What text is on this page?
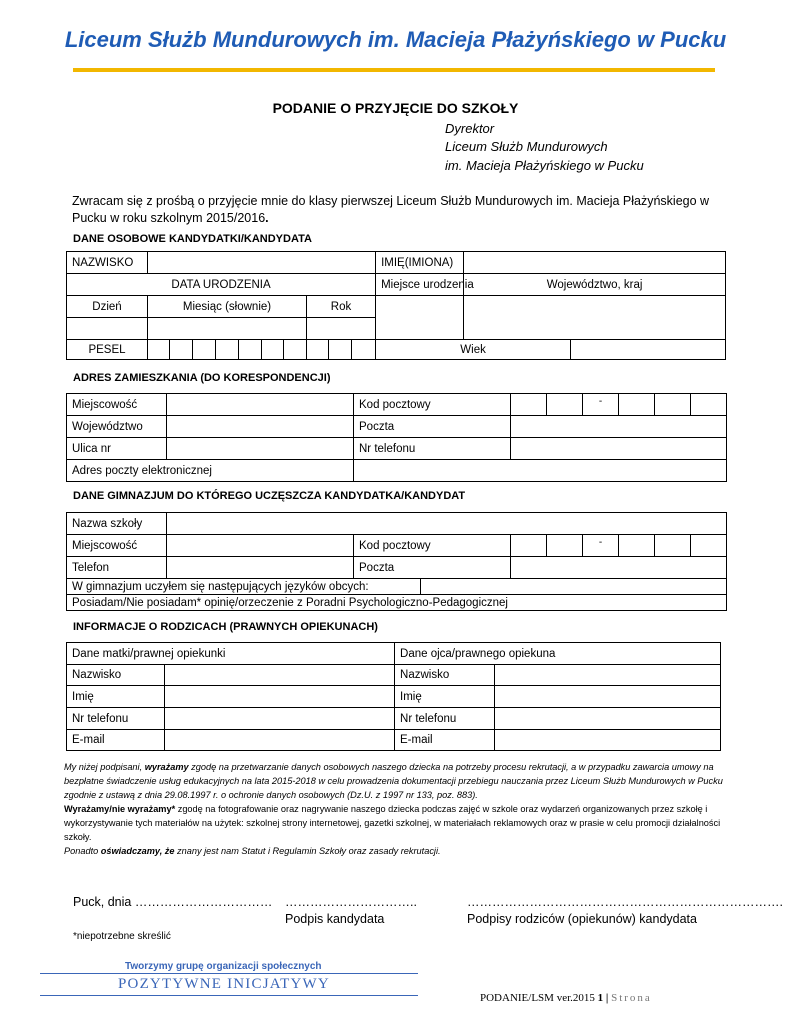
Liceum Służb Mundurowych im. Macieja Płażyńskiego w Pucku
PODANIE O PRZYJĘCIE DO SZKOŁY
Dyrektor
Liceum Służb Mundurowych
im. Macieja Płażyńskiego w Pucku
Zwracam się z prośbą o przyjęcie mnie do klasy pierwszej Liceum Służb Mundurowych im. Macieja Płażyńskiego w Pucku w roku szkolnym 2015/2016.
DANE OSOBOWE KANDYDATKI/KANDYDATA
NAZWISKO											IMIĘ(IMIONA)		
DATA URODZENIA											Miejsce urodzenia	Województwo, kraj	
Dzień	Miesiąc (słownie)							Rok					

PESEL											Wiek		
ADRES ZAMIESZKANIA (DO KORESPONDENCJI)
Miejscowość		Kod pocztowy			-			
Województwo		Poczta						
Ulica nr		Nr telefonu						
Adres poczty elektronicznej								
DANE GIMNAZJUM DO KTÓREGO UCZĘSZCZA KANDYDATKA/KANDYDAT
Nazwa szkoły								
Miejscowość		Kod pocztowy			-			
Telefon		Poczta						
W gimnazjum uczyłem się następujących języków obcych:	
Posiadam/Nie posiadam* opinię/orzeczenie z Poradni Psychologiczno-Pedagogicznej
INFORMACJE O RODZICACH (PRAWNYCH OPIEKUNACH)
Dane matki/prawnej opiekunki		Dane ojca/prawnego opiekuna	
Nazwisko		Nazwisko	
Imię		Imię	
Nr telefonu		Nr telefonu	
E-mail		E-mail	
My niżej podpisani, wyrażamy zgodę na przetwarzanie danych osobowych naszego dziecka na potrzeby procesu rekrutacji, a w przypadku zawarcia umowy na bezpłatne świadczenie usług edukacyjnych na lata 2015-2018 w celu prowadzenia dokumentacji przebiegu nauczania przez Liceum Służb Mundurowych w Pucku zgodnie z ustawą z dnia 29.08.1997 r. o ochronie danych osobowych (Dz.U. z 1997 nr 133, poz. 883).
Wyrażamy/nie wyrażamy* zgodę na fotografowanie oraz nagrywanie naszego dziecka podczas zajęć w szkole oraz wydarzeń organizowanych przez szkołę i wykorzystywanie tych materiałów na użytek: szkolnej strony internetowej, gazetki szkolnej, w materiałach reklamowych oraz w prasie w celu promocji działalności szkoły.
Ponadto oświadczamy, że znany jest nam Statut i Regulamin Szkoły oraz zasady rekrutacji.
Puck, dnia …………………………… …………………………..	………………………………………………………………….
Podpis kandydata	Podpisy rodziców (opiekunów) kandydata
*niepotrzebne skreślić
Tworzymy grupę organizacji społecznych
POZYTYWNE INICJATYWY
PODANIE/LSM ver.2015 1 | Strona
